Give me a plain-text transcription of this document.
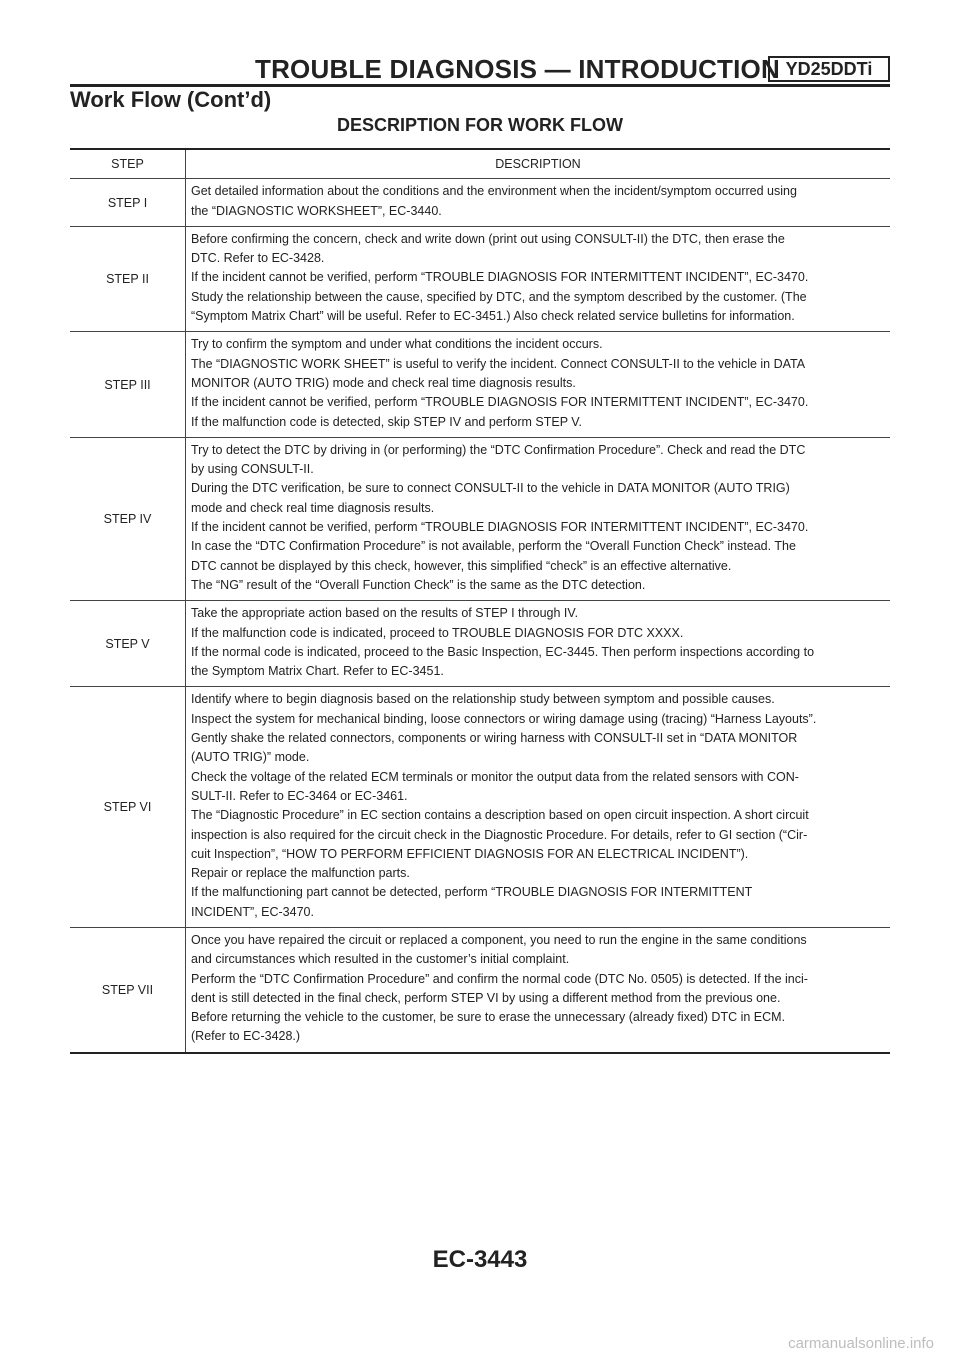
TROUBLE DIAGNOSIS — INTRODUCTION YD25DDTi
Work Flow (Cont’d)
DESCRIPTION FOR WORK FLOW
STEP	DESCRIPTION
STEP I
Get detailed information about the conditions and the environment when the incident/symptom occurred using
the “DIAGNOSTIC WORKSHEET”, EC-3440.
STEP II
Before confirming the concern, check and write down (print out using CONSULT-II) the DTC, then erase the
DTC. Refer to EC-3428.
If the incident cannot be verified, perform “TROUBLE DIAGNOSIS FOR INTERMITTENT INCIDENT”, EC-3470.
Study the relationship between the cause, specified by DTC, and the symptom described by the customer. (The
“Symptom Matrix Chart” will be useful. Refer to EC-3451.) Also check related service bulletins for information.
STEP III
Try to confirm the symptom and under what conditions the incident occurs.
The “DIAGNOSTIC WORK SHEET” is useful to verify the incident. Connect CONSULT-II to the vehicle in DATA
MONITOR (AUTO TRIG) mode and check real time diagnosis results.
If the incident cannot be verified, perform “TROUBLE DIAGNOSIS FOR INTERMITTENT INCIDENT”, EC-3470.
If the malfunction code is detected, skip STEP IV and perform STEP V.
STEP IV
Try to detect the DTC by driving in (or performing) the “DTC Confirmation Procedure”. Check and read the DTC
by using CONSULT-II.
During the DTC verification, be sure to connect CONSULT-II to the vehicle in DATA MONITOR (AUTO TRIG)
mode and check real time diagnosis results.
If the incident cannot be verified, perform “TROUBLE DIAGNOSIS FOR INTERMITTENT INCIDENT”, EC-3470.
In case the “DTC Confirmation Procedure” is not available, perform the “Overall Function Check” instead. The
DTC cannot be displayed by this check, however, this simplified “check” is an effective alternative.
The “NG” result of the “Overall Function Check” is the same as the DTC detection.
STEP V
Take the appropriate action based on the results of STEP I through IV.
If the malfunction code is indicated, proceed to TROUBLE DIAGNOSIS FOR DTC XXXX.
If the normal code is indicated, proceed to the Basic Inspection, EC-3445. Then perform inspections according to
the Symptom Matrix Chart. Refer to EC-3451.
STEP VI
Identify where to begin diagnosis based on the relationship study between symptom and possible causes.
Inspect the system for mechanical binding, loose connectors or wiring damage using (tracing) “Harness Layouts”.
Gently shake the related connectors, components or wiring harness with CONSULT-II set in “DATA MONITOR
(AUTO TRIG)” mode.
Check the voltage of the related ECM terminals or monitor the output data from the related sensors with CON-
SULT-II. Refer to EC-3464 or EC-3461.
The “Diagnostic Procedure” in EC section contains a description based on open circuit inspection. A short circuit
inspection is also required for the circuit check in the Diagnostic Procedure. For details, refer to GI section (“Cir-
cuit Inspection”, “HOW TO PERFORM EFFICIENT DIAGNOSIS FOR AN ELECTRICAL INCIDENT”).
Repair or replace the malfunction parts.
If the malfunctioning part cannot be detected, perform “TROUBLE DIAGNOSIS FOR INTERMITTENT
INCIDENT”, EC-3470.
STEP VII
Once you have repaired the circuit or replaced a component, you need to run the engine in the same conditions
and circumstances which resulted in the customer’s initial complaint.
Perform the “DTC Confirmation Procedure” and confirm the normal code (DTC No. 0505) is detected. If the inci-
dent is still detected in the final check, perform STEP VI by using a different method from the previous one.
Before returning the vehicle to the customer, be sure to erase the unnecessary (already fixed) DTC in ECM.
(Refer to EC-3428.)
EC-3443
carmanualsonline.info
